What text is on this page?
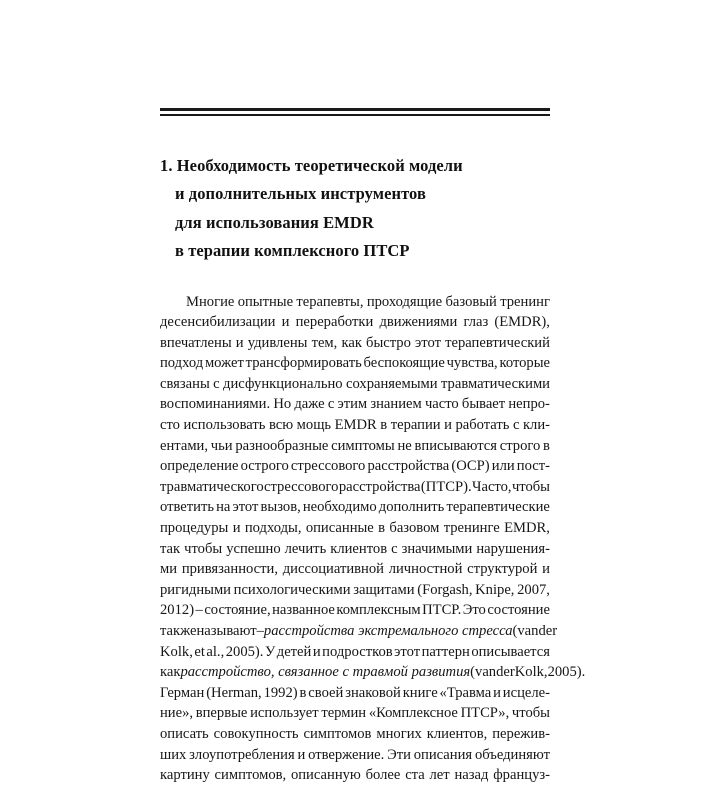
1. Необходимость теоретической модели
и дополнительных инструментов
для использования EMDR
в терапии комплексного ПТСР
Многие опытные терапевты, проходящие базовый тренинг
десенсибилизации и переработки движениями глаз (EMDR),
впечатлены и удивлены тем, как быстро этот терапевтический
подход может трансформировать беспокоящие чувства, которые
связаны с дисфункционально сохраняемыми травматическими
воспоминаниями. Но даже с этим знанием часто бывает непро-
сто использовать всю мощь EMDR в терапии и работать с кли-
ентами, чьи разнообразные симптомы не вписываются строго в
определение острого стрессового расстройства (ОСР) или пост-
травматического стрессового расстройства (ПТСР). Часто, чтобы
ответить на этот вызов, необходимо дополнить терапевтические
процедуры и подходы, описанные в базовом тренинге EMDR,
так чтобы успешно лечить клиентов с значимыми нарушения-
ми привязанности, диссоциативной личностной структурой и
ригидными психологическими защитами (Forgash, Knipe, 2007,
2012) – состояние, названное комплексным ПТСР. Это состояние
также называют – расстройства экстремального стресса (van der
Kolk, et al., 2005). У детей и подростков этот паттерн описывается
как расстройство, связанное с травмой развития (van der Kolk, 2005).
Герман (Herman, 1992) в своей знаковой книге «Травма и исцеле-
ние», впервые использует термин «Комплексное ПТСР», чтобы
описать совокупность симптомов многих клиентов, пережив-
ших злоупотребления и отвержение. Эти описания объединяют
картину симптомов, описанную более ста лет назад француз-
